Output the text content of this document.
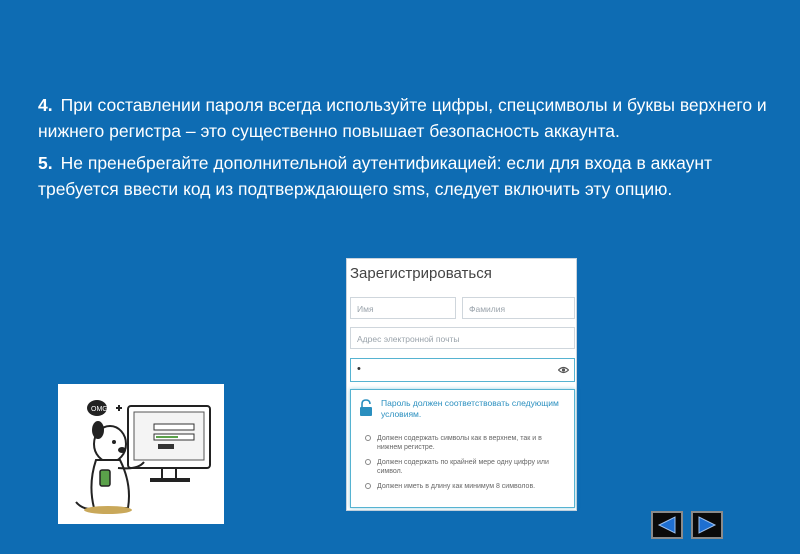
4. При составлении пароля всегда используйте цифры, спецсимволы и буквы верхнего и нижнего регистра – это существенно повышает безопасность аккаунта.

5. Не пренебрегайте дополнительной аутентификацией: если для входа в аккаунт требуется ввести код из подтверждающего sms, следует включить эту опцию.

OMG
Зарегистрироваться
Имя	Фамилия
Адрес электронной почты
•
Пароль должен соответствовать следующим условиям.
Должен содержать символы как в верхнем, так и в нижнем регистре.
Должен содержать по крайней мере одну цифру или символ.
Должен иметь в длину как минимум 8 символов.
